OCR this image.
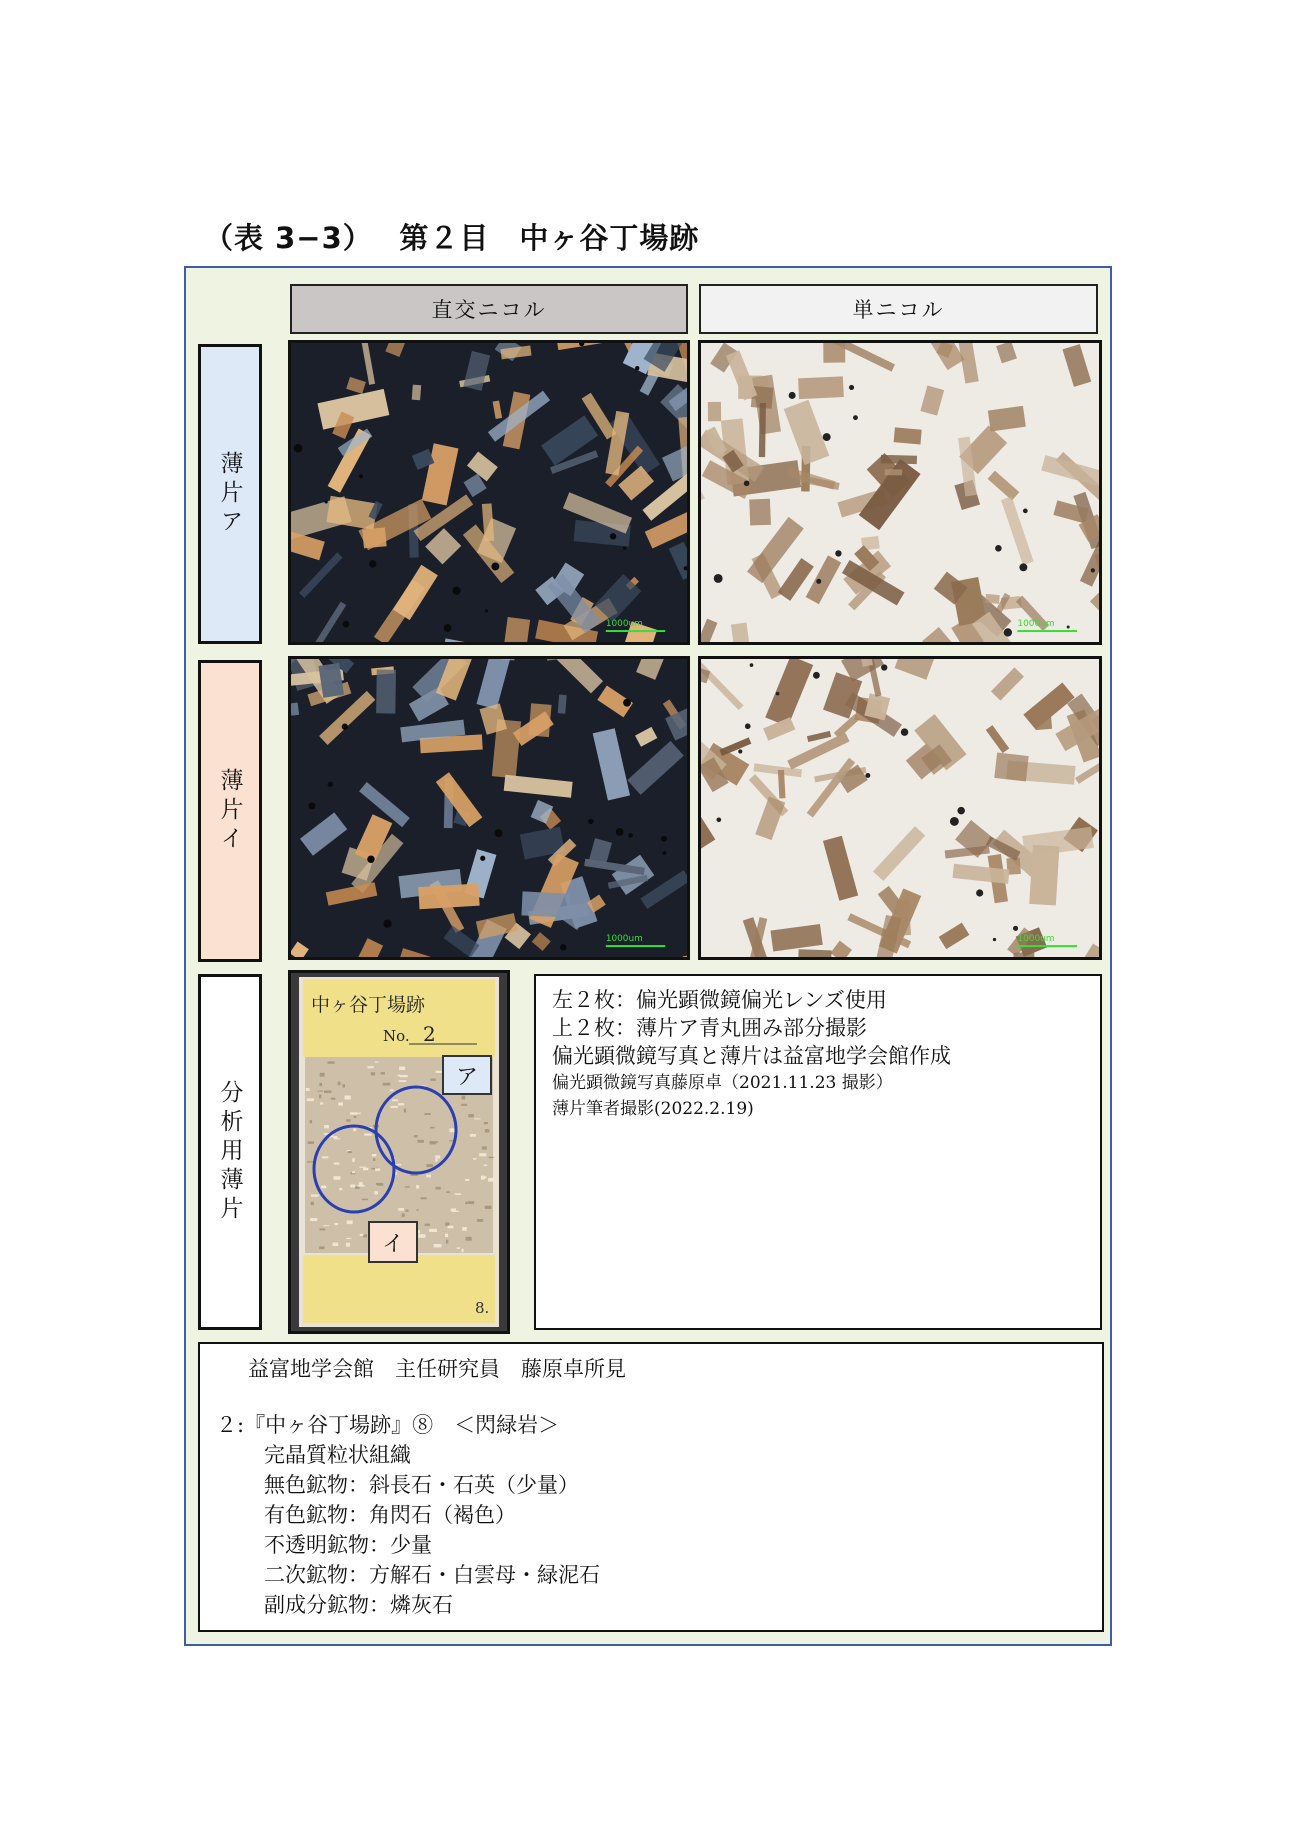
（表 3−3）　 第２目　中ヶ谷丁場跡
直交ニコル	単ニコル
薄片ア
薄片イ
分析用薄片
1000um	1000um
1000um	1000um
中ヶ谷丁場跡
No. 2
8.
ア
イ
左２枚：偏光顕微鏡偏光レンズ使用
上２枚：薄片ア青丸囲み部分撮影
偏光顕微鏡写真と薄片は益富地学会館作成
偏光顕微鏡写真藤原卓（2021.11.23 撮影）
薄片筆者撮影(2022.2.19)
益富地学会館　主任研究員　藤原卓所見
２:『中ヶ谷丁場跡』⑧　＜閃緑岩＞
完晶質粒状組織
無色鉱物：斜長石・石英（少量）
有色鉱物：角閃石（褐色）
不透明鉱物：少量
二次鉱物：方解石・白雲母・緑泥石
副成分鉱物：燐灰石
